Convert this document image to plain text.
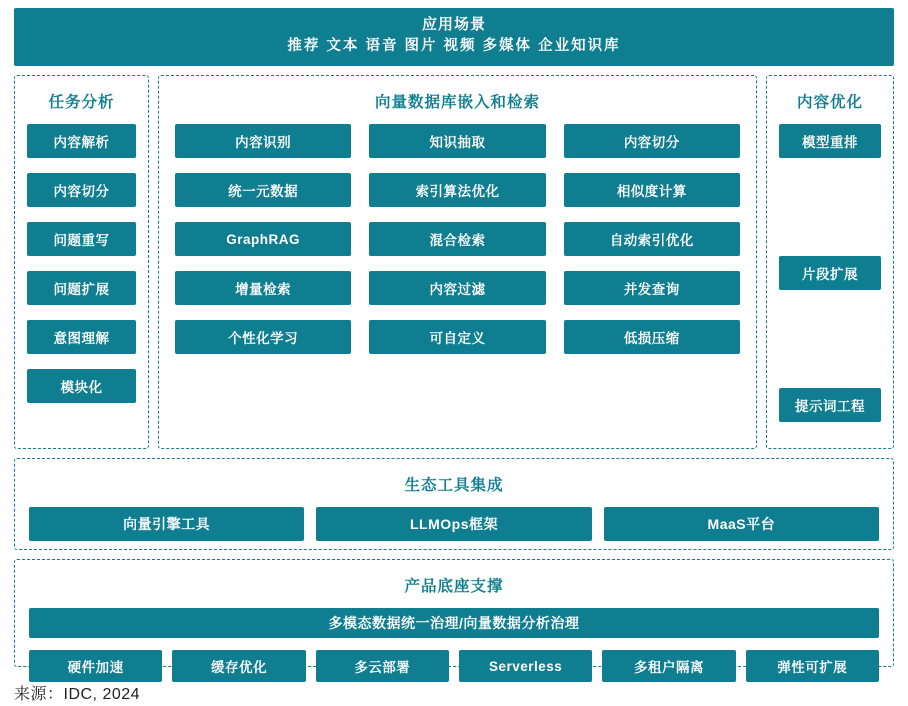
应用场景
推荐 文本 语音 图片 视频 多媒体 企业知识库
任务分析
内容解析
内容切分
问题重写
问题扩展
意图理解
模块化
向量数据库嵌入和检索
内容识别	知识抽取	内容切分
统一元数据	索引算法优化	相似度计算
GraphRAG	混合检索	自动索引优化
增量检索	内容过滤	并发查询
个性化学习	可自定义	低损压缩
内容优化
模型重排
片段扩展
提示词工程
生态工具集成
向量引擎工具	LLMOps框架	MaaS平台
产品底座支撑
多模态数据统一治理/向量数据分析治理
硬件加速	缓存优化	多云部署	Serverless	多租户隔离	弹性可扩展
来源：IDC, 2024
